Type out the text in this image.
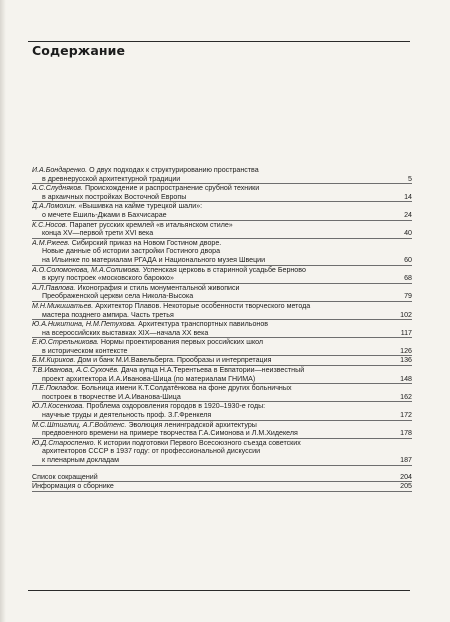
Содержание
И.А.Бондаренко. О двух подходах к структурированию пространства
в древнерусской архитектурной традиции	5
А.С.Слудняков. Происхождение и распространение срубной техники
в архаичных постройках Восточной Европы	14
Д.А.Ломохин. «Вышивка на кайме турецкой шали»:
о мечете Ешиль-Джами в Бахчисарае	24
К.С.Носов. Парапет русских кремлей «в итальянском стиле»
конца XV—первой трети XVI века	40
А.М.Ржеев. Сибирский приказ на Новом Гостином дворе.
Новые данные об истории застройки Гостиного двора
на Ильинке по материалам РГАДА и Национального музея Швеции	60
А.О.Соломонова, М.А.Солимова. Успенская церковь в старинной усадьбе Берново
в кругу построек «московского барокко»	68
А.Л.Павлова. Иконография и стиль монументальной живописи
Преображенской церкви села Никола-Высока	79
М.Н.Микишатьев. Архитектор Плавов. Некоторые особенности творческого метода
мастера позднего ампира. Часть третья	102
Ю.А.Никитина, Н.М.Петухова. Архитектура транспортных павильонов
на всероссийских выставках XIX—начала XX века	117
Е.Ю.Стрельникова. Нормы проектирования первых российских школ
в историческом контексте	126
Б.М.Кириков. Дом и банк М.И.Вавельберга. Прообразы и интерпретация	136
Т.В.Иванова, А.С.Сухочёв. Дача купца Н.А.Терентьева в Евпатории—неизвестный
проект архитектора И.А.Иванова-Шица (по материалам ГНИМА)	148
П.Е.Покладок. Больница имени К.Т.Солдатёнкова на фоне других больничных
построек в творчестве И.А.Иванова-Шица	162
Ю.Л.Косенкова. Проблема оздоровления городов в 1920–1930-е годы:
научные труды и деятельность проф. З.Г.Френкеля	172
М.С.Штиглиц, А.Г.Войтенс. Эволюция ленинградской архитектуры
предвоенного времени на примере творчества Г.А.Симонова и Л.М.Хидекеля	178
Ю.Д.Староспенко. К истории подготовки Первого Всесоюзного съезда советских
архитекторов СССР в 1937 году: от профессиональной дискуссии
к пленарным докладам	187
Список сокращений	204
Информация о сборнике	205
